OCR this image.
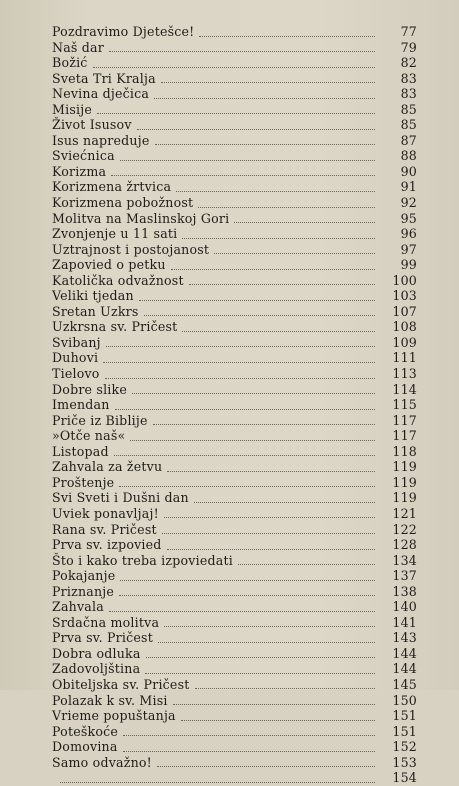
Pozdravimo Djetešce!	77
Naš dar	79
Božić	82
Sveta Tri Kralja	83
Nevina dječica	83
Misije	85
Život Isusov	85
Isus napreduje	87
Sviećnica	88
Korizma	90
Korizmena žrtvica	91
Korizmena pobožnost	92
Molitva na Maslinskoj Gori	95
Zvonjenje u 11 sati	96
Uztrajnost i postojanost	97
Zapovied o petku	99
Katolička odvažnost	100
Veliki tjedan	103
Sretan Uzkrs	107
Uzkrsna sv. Pričest	108
Svibanj	109
Duhovi	111
Tielovo	113
Dobre slike	114
Imendan	115
Priče iz Biblije	117
»Otče naš«	117
Listopad	118
Zahvala za žetvu	119
Proštenje	119
Svi Sveti i Dušni dan	119
Uviek ponavljaj!	121
Rana sv. Pričest	122
Prva sv. izpovied	128
Što i kako treba izpoviedati	134
Pokajanje	137
Priznanje	138
Zahvala	140
Srdačna molitva	141
Prva sv. Pričest	143
Dobra odluka	144
Zadovoljština	144
Obiteljska sv. Pričest	145
Polazak k sv. Misi	150
Vrieme popuštanja	151
Poteškoće	151
Domovina	152
Samo odvažno!	153
154
